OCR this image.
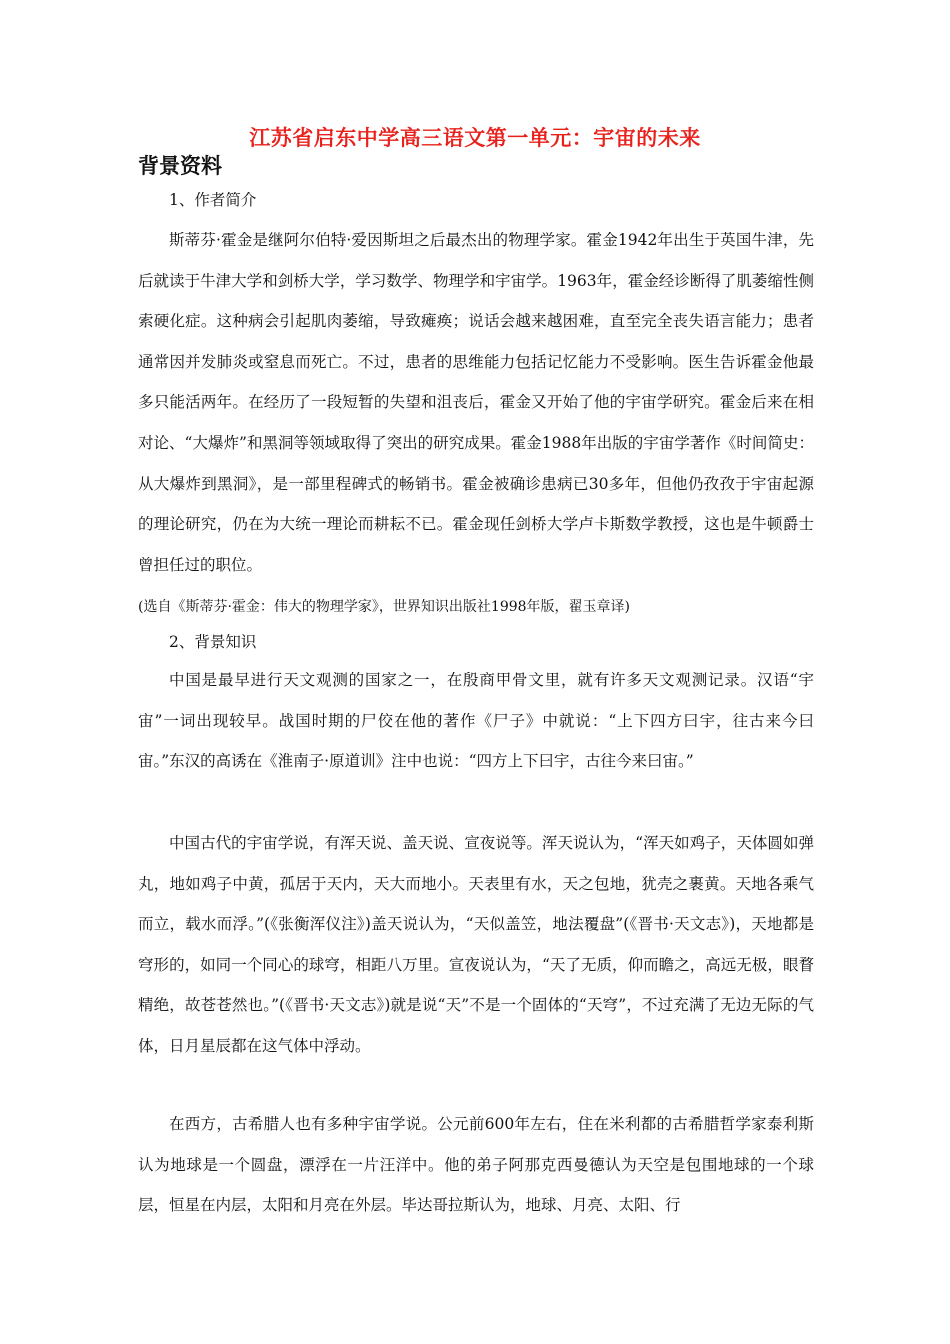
江苏省启东中学高三语文第一单元：宇宙的未来
背景资料

1、作者简介

斯蒂芬·霍金是继阿尔伯特·爱因斯坦之后最杰出的物理学家。霍金1942年出生于英国牛津，先后就读于牛津大学和剑桥大学，学习数学、物理学和宇宙学。1963年，霍金经诊断得了肌萎缩性侧索硬化症。这种病会引起肌肉萎缩，导致瘫痪；说话会越来越困难，直至完全丧失语言能力；患者通常因并发肺炎或窒息而死亡。不过，患者的思维能力包括记忆能力不受影响。医生告诉霍金他最多只能活两年。在经历了一段短暂的失望和沮丧后，霍金又开始了他的宇宙学研究。霍金后来在相对论、“大爆炸”和黑洞等领域取得了突出的研究成果。霍金1988年出版的宇宙学著作《时间简史：从大爆炸到黑洞》，是一部里程碑式的畅销书。霍金被确诊患病已30多年，但他仍孜孜于宇宙起源的理论研究，仍在为大统一理论而耕耘不已。霍金现任剑桥大学卢卡斯数学教授，这也是牛顿爵士曾担任过的职位。

(选自《斯蒂芬·霍金：伟大的物理学家》，世界知识出版社1998年版，翟玉章译)

2、背景知识

中国是最早进行天文观测的国家之一，在殷商甲骨文里，就有许多天文观测记录。汉语“宇宙”一词出现较早。战国时期的尸佼在他的著作《尸子》中就说：“上下四方曰宇，往古来今曰宙。”东汉的高诱在《淮南子·原道训》注中也说：“四方上下曰宇，古往今来曰宙。”

中国古代的宇宙学说，有浑天说、盖天说、宣夜说等。浑天说认为，“浑天如鸡子，天体圆如弹丸，地如鸡子中黄，孤居于天内，天大而地小。天表里有水，天之包地，犹壳之裹黄。天地各乘气而立，载水而浮。”(《张衡浑仪注》)盖天说认为，“天似盖笠，地法覆盘”(《晋书·天文志》)，天地都是穹形的，如同一个同心的球穹，相距八万里。宣夜说认为，“天了无质，仰而瞻之，高远无极，眼瞀精绝，故苍苍然也。”(《晋书·天文志》)就是说“天”不是一个固体的“天穹”，不过充满了无边无际的气体，日月星辰都在这气体中浮动。

在西方，古希腊人也有多种宇宙学说。公元前600年左右，住在米利都的古希腊哲学家泰利斯认为地球是一个圆盘，漂浮在一片汪洋中。他的弟子阿那克西曼德认为天空是包围地球的一个球层，恒星在内层，太阳和月亮在外层。毕达哥拉斯认为，地球、月亮、太阳、行
